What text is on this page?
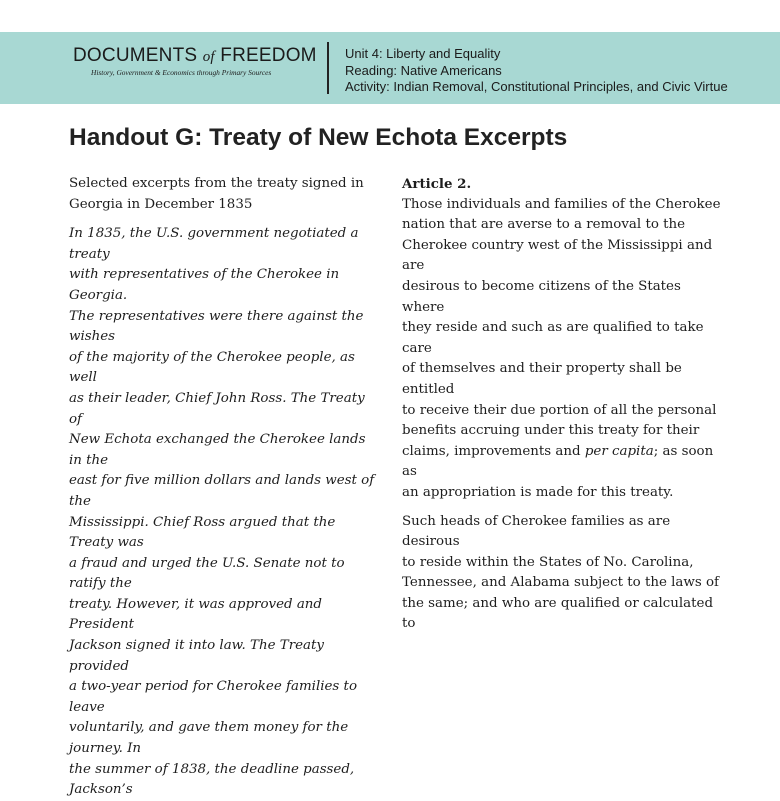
DOCUMENTS of FREEDOM
History, Government & Economics through Primary Sources
Unit 4: Liberty and Equality
Reading: Native Americans
Activity: Indian Removal, Constitutional Principles, and Civic Virtue
Handout G: Treaty of New Echota Excerpts

Selected excerpts from the treaty signed in
Georgia in December 1835

In 1835, the U.S. government negotiated a treaty
with representatives of the Cherokee in Georgia.
The representatives were there against the wishes
of the majority of the Cherokee people, as well
as their leader, Chief John Ross. The Treaty of
New Echota exchanged the Cherokee lands in the
east for five million dollars and lands west of the
Mississippi. Chief Ross argued that the Treaty was
a fraud and urged the U.S. Senate not to ratify the
treaty. However, it was approved and President
Jackson signed it into law. The Treaty provided
a two-year period for Cherokee families to leave
voluntarily, and gave them money for the journey. In
the summer of 1838, the deadline passed, Jackson’s

Article 2.

Those individuals and families of the Cherokee
nation that are averse to a removal to the
Cherokee country west of the Mississippi and are
desirous to become citizens of the States where
they reside and such as are qualified to take care
of themselves and their property shall be entitled
to receive their due portion of all the personal
benefits accruing under this treaty for their
claims, improvements and per capita; as soon as
an appropriation is made for this treaty.

Such heads of Cherokee families as are desirous
to reside within the States of No. Carolina,
Tennessee, and Alabama subject to the laws of
the same; and who are qualified or calculated to
